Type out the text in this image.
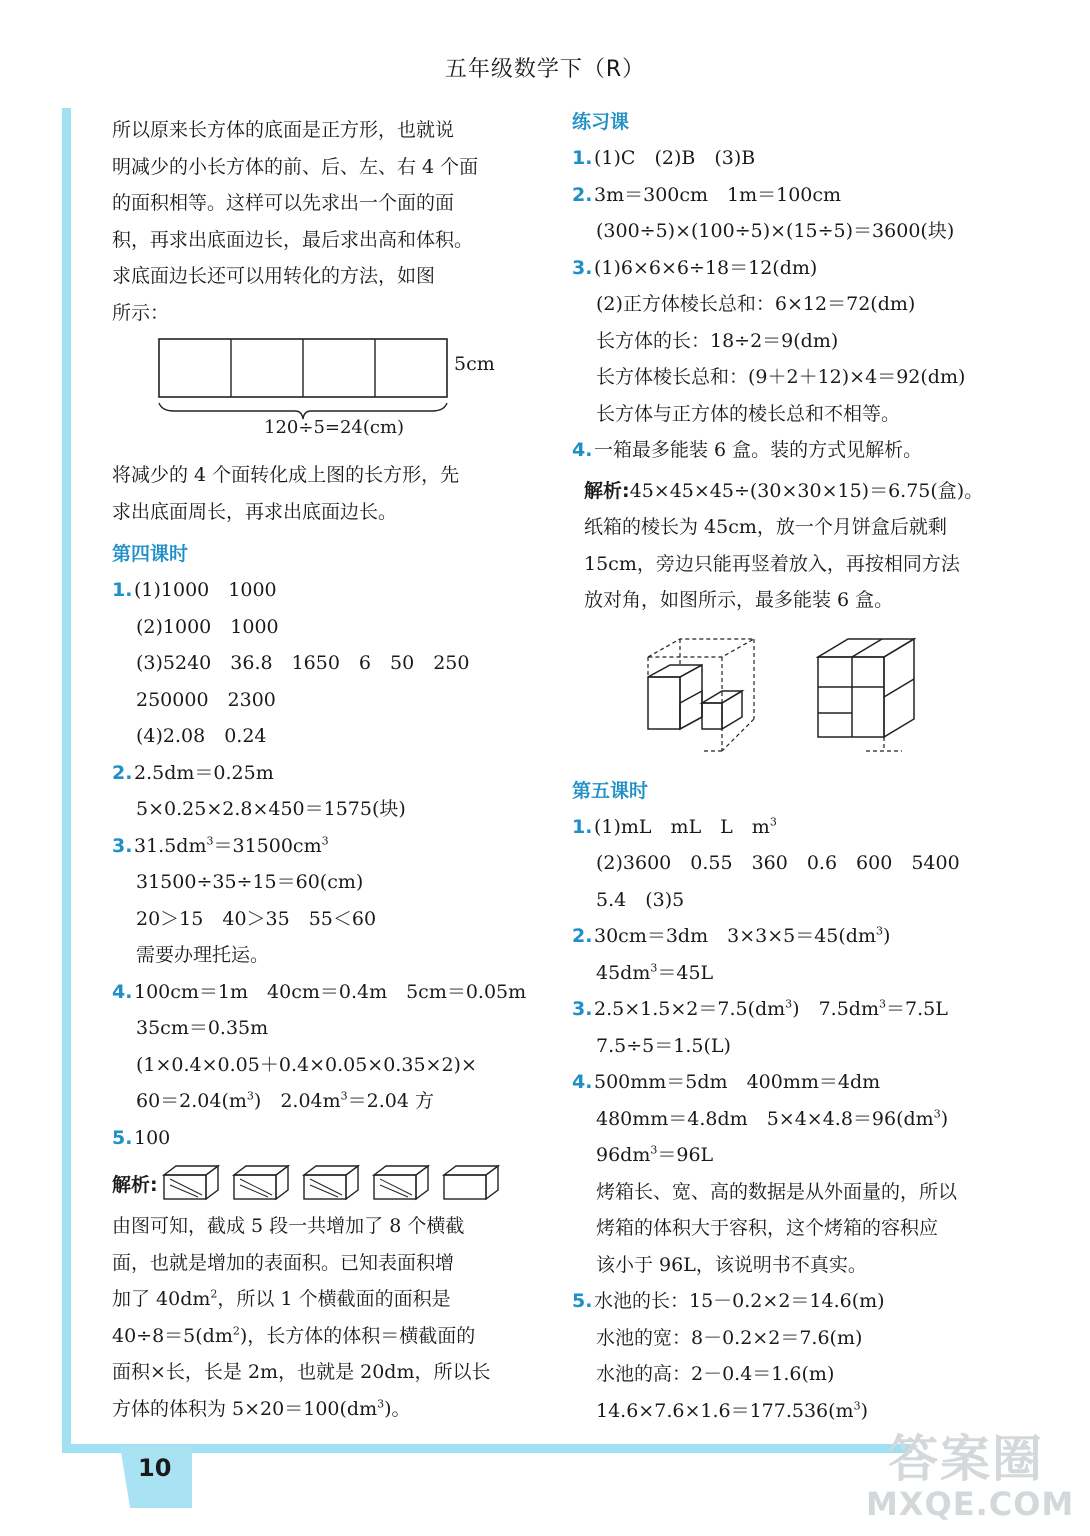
五年级数学下（R）
10	答案圈
MXQE.COM
所以原来长方体的底面是正方形，也就说
明减少的小长方体的前、后、左、右 4 个面
的面积相等。这样可以先求出一个面的面
积，再求出底面边长，最后求出高和体积。
求底面边长还可以用转化的方法，如图
所示：
5cm
120÷5=24(cm)
将减少的 4 个面转化成上图的长方形，先
求出底面周长，再求出底面边长。
第四课时
1.(1)1000　1000
(2)1000　1000
(3)5240　36.8　1650　6　50　250
250000　2300
(4)2.08　0.24
2.2.5dm＝0.25m
5×0.25×2.8×450＝1575(块)
$3.31.5dm^3=31500cm^3$
31500÷35÷15＝60(cm)
20＞15　40＞35　55＜60
需要办理托运。
4.100cm＝1m　40cm＝0.4m　5cm＝0.05m
35cm＝0.35m
(1×0.4×0.05＋0.4×0.05×0.35×2)×
$60=2.04(m^3)$　$2.04m^3=2.04$ 方
5.100
解析:
由图可知，截成 5 段一共增加了 8 个横截
面，也就是增加的表面积。已知表面积增
加了 $40dm^2$，所以 1 个横截面的面积是
$40\div 8=5(dm^2)$，长方体的体积＝横截面的
面积×长，长是 2m，也就是 20dm，所以长
方体的体积为 $5\times 20=100(dm^3)$。
练习课
1.(1)C　(2)B　(3)B
2.3m＝300cm　1m＝100cm
(300÷5)×(100÷5)×(15÷5)＝3600(块)
3.(1)6×6×6÷18＝12(dm)
(2)正方体棱长总和：6×12＝72(dm)
长方体的长：18÷2＝9(dm)
长方体棱长总和：(9＋2＋12)×4＝92(dm)
长方体与正方体的棱长总和不相等。
4.一箱最多能装 6 盒。装的方式见解析。
解析:45×45×45÷(30×30×15)＝6.75(盒)。
纸箱的棱长为 45cm，放一个月饼盒后就剩
15cm，旁边只能再竖着放入，再按相同方法
放对角，如图所示，最多能装 6 盒。
第五课时
1.(1)mL　mL　L　$m^3$
(2)3600　0.55　360　0.6　600　5400
5.4　(3)5
2.30cm＝3dm　$3\times 3\times 5=45(dm^3)$
$45dm^3=45L$
$3.2.5\times 1.5\times 2=7.5(dm^3)$　$7.5dm^3=7.5L$
7.5÷5＝1.5(L)
4.500mm＝5dm　400mm＝4dm
480mm＝4.8dm　$5\times 4\times 4.8=96(dm^3)$
$96dm^3=96L$
烤箱长、宽、高的数据是从外面量的，所以
烤箱的体积大于容积，这个烤箱的容积应
该小于 96L，该说明书不真实。
5.水池的长：15－0.2×2＝14.6(m)
水池的宽：8－0.2×2＝7.6(m)
水池的高：2－0.4＝1.6(m)
$14.6\times 7.6\times 1.6=177.536(m^3)$
